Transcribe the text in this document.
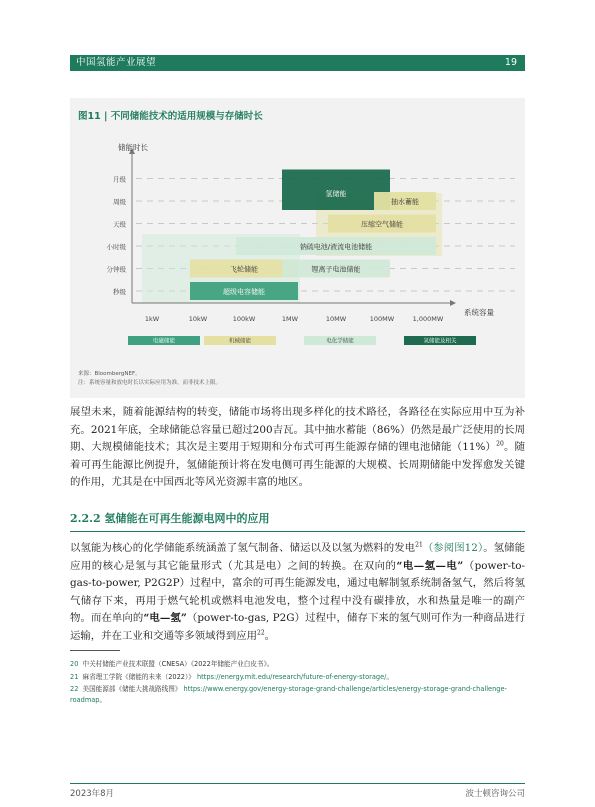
中国氢能产业展望	19
图11 | 不同储能技术的适用规模与存储时长
钠硫电池/液流电池储能
飞轮储能	锂离子电池储能
超级电容储能
氢储能
压缩空气储能
抽水蓄能
储能时长
系统容量
秒级
分钟级
小时级
天级
周级
月级
1kW	10kW	100kW	1MW	10MW	100MW	1,000MW
电磁储能	机械储能	电化学储能	氢储能及相关
来源：BloombergNEF。
注：系统容量和放电时长以实际应用为准，而非技术上限。

展望未来，随着能源结构的转变，储能市场将出现多样化的技术路径，各路径在实际应用中互为补充。2021年底，全球储能总容量已超过200吉瓦。其中抽水蓄能（86%）仍然是最广泛使用的长周期、大规模储能技术；其次是主要用于短期和分布式可再生能源存储的锂电池储能$(11\%)^{20}$。随着可再生能源比例提升，氢储能预计将在发电侧可再生能源的大规模、长周期储能中发挥愈发关键的作用，尤其是在中国西北等风光资源丰富的地区。

2.2.2 氢储能在可再生能源电网中的应用

以氢能为核心的化学储能系统涵盖了氢气制备、储运以及以氢为燃料的发电$^{21}$（参阅图12）。氢储能应用的核心是氢与其它能量形式（尤其是电）之间的转换。在双向的“电—氢—电”（power-to-gas-to-power, P2G2P）过程中，富余的可再生能源发电，通过电解制氢系统制备氢气，然后将氢气储存下来，再用于燃气轮机或燃料电池发电，整个过程中没有碳排放，水和热量是唯一的副产物。而在单向的“电—氢”（power-to-gas, P2G）过程中，储存下来的氢气则可作为一种商品进行运输，并在工业和交通等多领域得到应用$^{22}$。

20 中关村储能产业技术联盟（CNESA）《2022年储能产业白皮书》。
21 麻省理工学院《储能的未来（2022）》 https://energy.mit.edu/research/future-of-energy-storage/。
22 美国能源部《储能大挑战路线图》 https://www.energy.gov/energy-storage-grand-challenge/articles/energy-storage-grand-challenge-roadmap。
2023年8月	波士顿咨询公司
